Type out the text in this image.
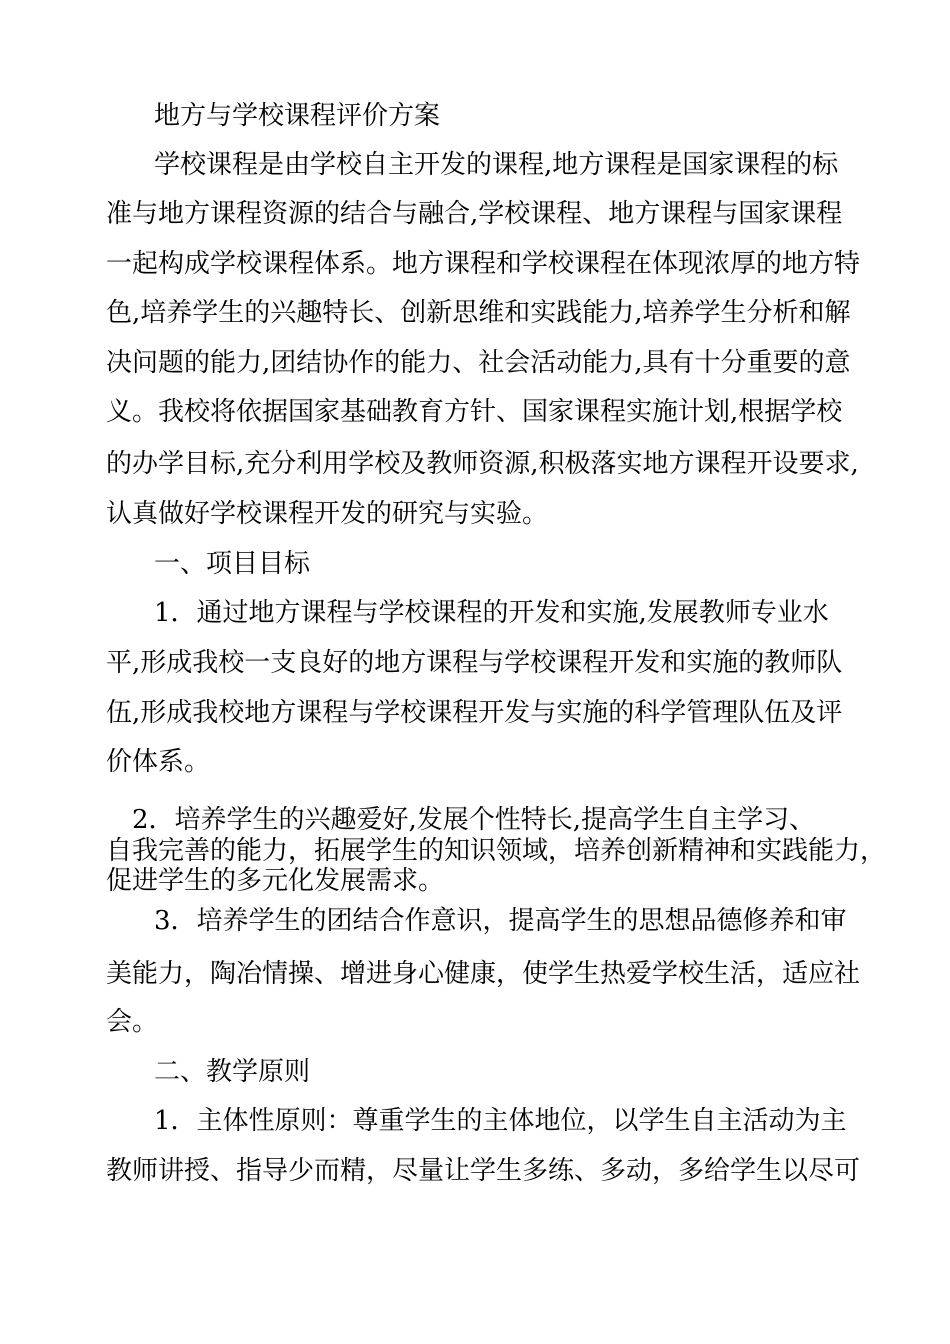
地方与学校课程评价方案
学校课程是由学校自主开发的课程,地方课程是国家课程的标
准与地方课程资源的结合与融合,学校课程、地方课程与国家课程
一起构成学校课程体系。地方课程和学校课程在体现浓厚的地方特
色,培养学生的兴趣特长、创新思维和实践能力,培养学生分析和解
决问题的能力,团结协作的能力、社会活动能力,具有十分重要的意
义。我校将依据国家基础教育方针、国家课程实施计划,根据学校
的办学目标,充分利用学校及教师资源,积极落实地方课程开设要求,
认真做好学校课程开发的研究与实验。
一、项目目标
1．通过地方课程与学校课程的开发和实施,发展教师专业水
平,形成我校一支良好的地方课程与学校课程开发和实施的教师队
伍,形成我校地方课程与学校课程开发与实施的科学管理队伍及评
价体系。
2．培养学生的兴趣爱好,发展个性特长,提高学生自主学习、
自我完善的能力，拓展学生的知识领域，培养创新精神和实践能力，
促进学生的多元化发展需求。
3．培养学生的团结合作意识，提高学生的思想品德修养和审
美能力，陶冶情操、增进身心健康，使学生热爱学校生活，适应社
会。
二、教学原则
1．主体性原则：尊重学生的主体地位，以学生自主活动为主
教师讲授、指导少而精，尽量让学生多练、多动，多给学生以尽可
